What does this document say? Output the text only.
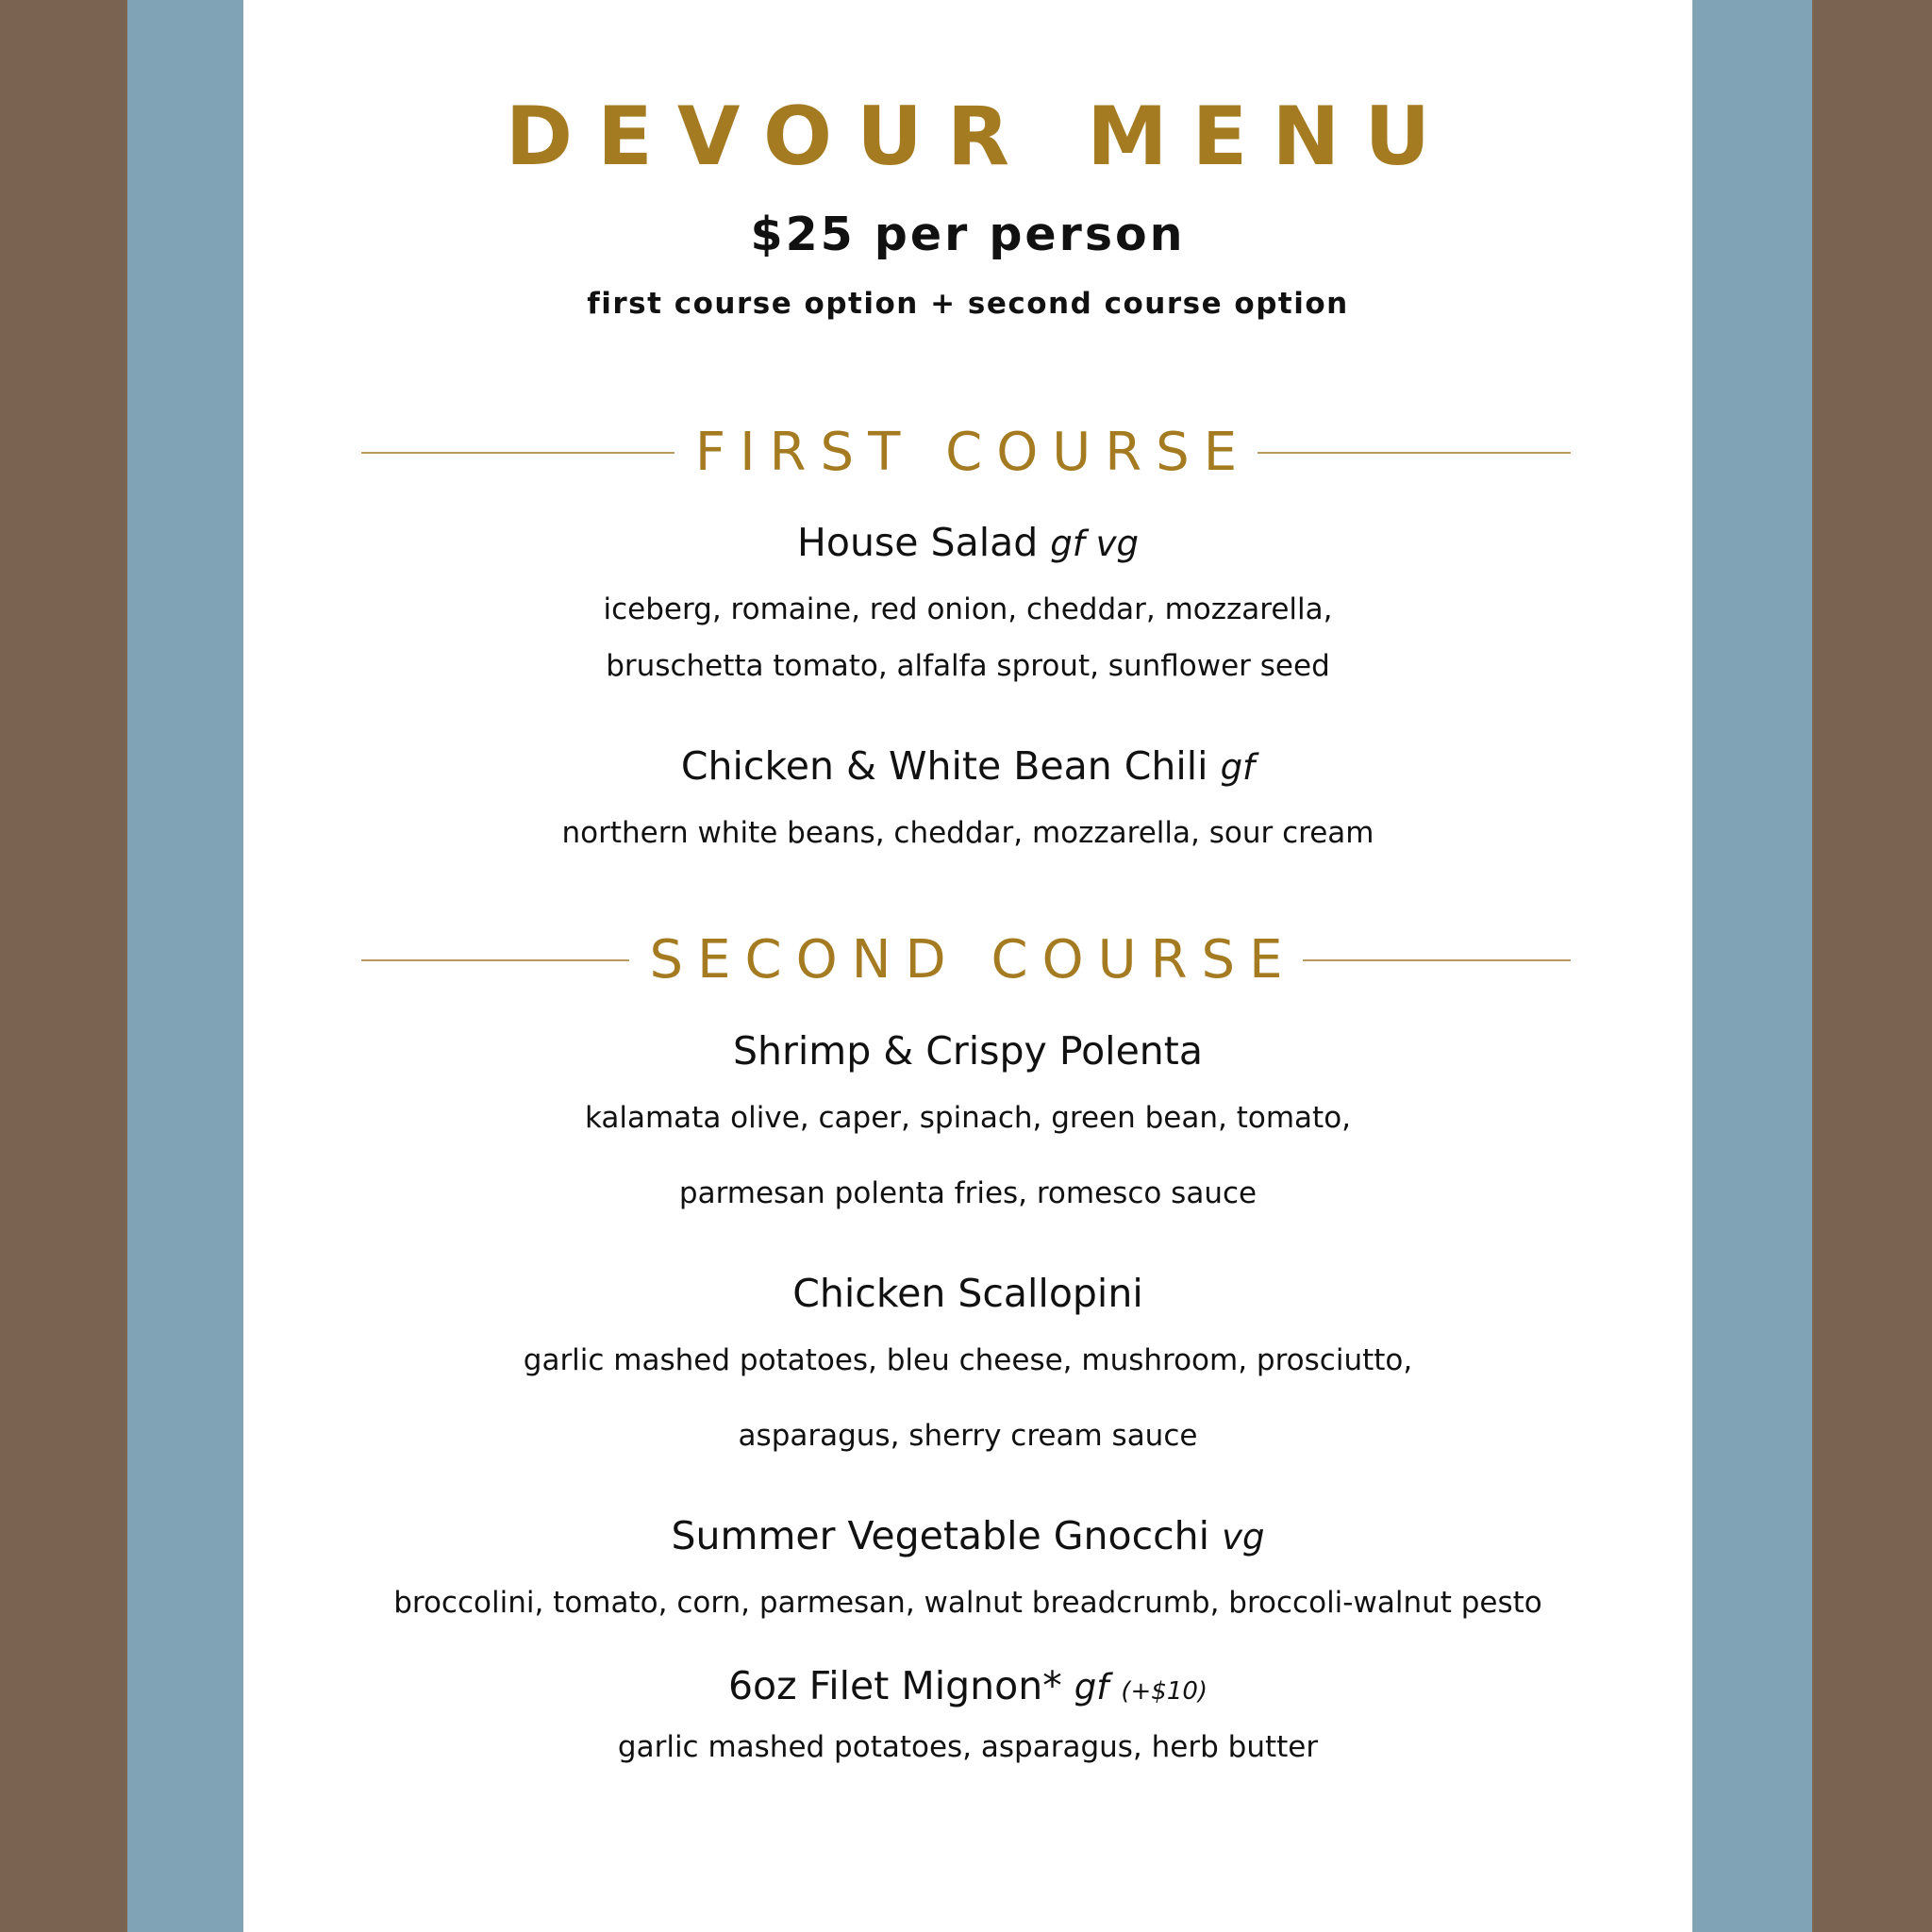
DEVOUR MENU
$25 per person
first course option + second course option
FIRST COURSE
House Salad gf vg
iceberg, romaine, red onion, cheddar, mozzarella,
bruschetta tomato, alfalfa sprout, sunflower seed
Chicken & White Bean Chili gf
northern white beans, cheddar, mozzarella, sour cream
SECOND COURSE
Shrimp & Crispy Polenta
kalamata olive, caper, spinach, green bean, tomato,
parmesan polenta fries, romesco sauce
Chicken Scallopini
garlic mashed potatoes, bleu cheese, mushroom, prosciutto,
asparagus, sherry cream sauce
Summer Vegetable Gnocchi vg
broccolini, tomato, corn, parmesan, walnut breadcrumb, broccoli-walnut pesto
6oz Filet Mignon* gf (+$10)
garlic mashed potatoes, asparagus, herb butter
